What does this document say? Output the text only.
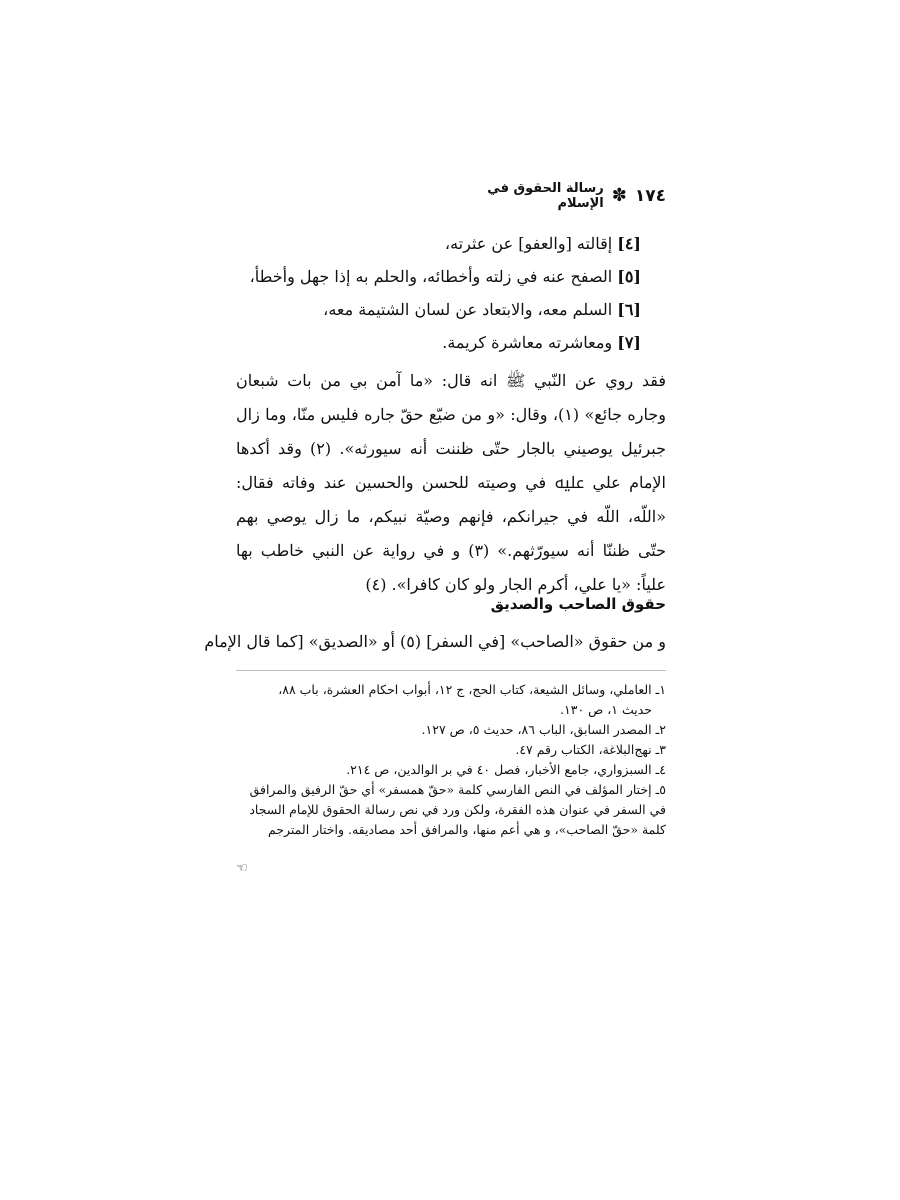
١٧٤
✽
رسالة الحقوق في الإسلام
[٤] إقالته [والعفو] عن عثرته،
[٥] الصفح عنه في زلته وأخطائه، والحلم به إذا جهل وأخطأ،
[٦] السلم معه، والابتعاد عن لسان الشتيمة معه،
[٧] ومعاشرته معاشرة كريمة.
فقد روي عن النّبي ﷺ انه قال: «ما آمن بي من بات شبعان وجاره جائع» (١)، وقال: «و من ضيّع حقّ جاره فليس منّا، وما زال جبرئيل يوصيني بالجار حتّى ظننت أنه سيورثه». (٢) وقد أكدها الإمام علي ﷷ في وصيته للحسن والحسين عند وفاته فقال: «اللّه، اللّه في جيرانكم، فإنهم وصيّة نبيكم، ما زال يوصي بهم حتّى ظننّا أنه سيورّثهم.» (٣) و في رواية عن النبي خاطب بها علياً: «يا علي، أكرم الجار ولو كان كافرا». (٤)
حقوق الصاحب والصديق
و من حقوق «الصاحب» [في السفر] (٥) أو «الصديق» [كما قال الإمام

١ـ العاملي، وسائل الشيعة، كتاب الحج، ج ١٢، أبواب احكام العشرة، باب ٨٨،

حديث ١، ص ١٣٠.

٢ـ المصدر السابق، الباب ٨٦، حديث ٥، ص ١٢٧.

٣ـ نهج‌البلاغة، الكتاب رقم ٤٧.

٤ـ السبزواري، جامع الأخبار، فصل ٤٠ في بر الوالدين، ص ٢١٤.

٥ـ إختار المؤلف في النص الفارسي كلمة «حقّ همسفر» أي حقّ الرفيق والمرافق

في السفر في عنوان هذه الفقرة، ولكن ورد في نص رسالة الحقوق للإمام السجاد

كلمة «حقّ الصاحب»، و هي أعم منها، والمرافق أحد مصاديقه. واختار المترجم

☜
